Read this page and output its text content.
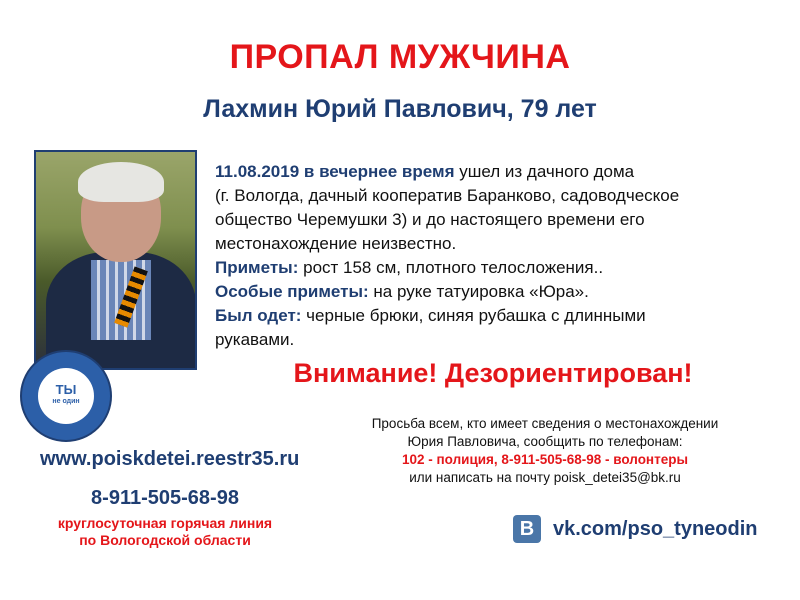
ПРОПАЛ МУЖЧИНА
Лахмин Юрий Павлович, 79 лет
11.08.2019 в вечернее время ушел из дачного дома
(г. Вологда, дачный кооператив Баранково, садоводческое
общество Черемушки 3) и до настоящего времени его
местонахождение неизвестно.
Приметы: рост 158 см, плотного телосложения..
Особые приметы: на руке татуировка «Юра».
Был одет: черные брюки, синяя рубашка с длинными
рукавами.
Внимание! Дезориентирован!
ТЫ
не один
www.poiskdetei.reestr35.ru
Просьба всем, кто имеет сведения о местонахождении
Юрия Павловича, сообщить по телефонам:
102 - полиция, 8-911-505-68-98 - волонтеры
или написать на почту poisk_detei35@bk.ru
8-911-505-68-98
круглосуточная горячая линия
по Вологодской области
B vk.com/pso_tyneodin
